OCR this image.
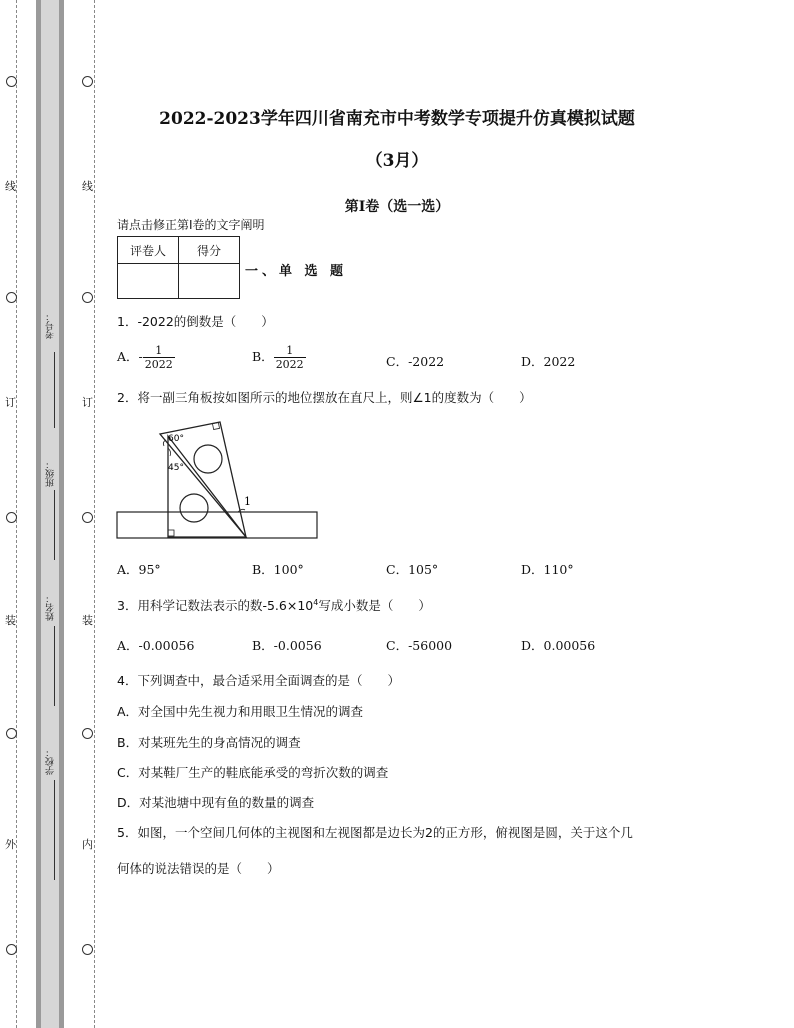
线
订
装
外
线
订
装
内
考号：
班级：
姓名：
学校：
2022-2023学年四川省南充市中考数学专项提升仿真模拟试题
（3月）
第I卷（选一选）
请点击修正第I卷的文字阐明
评卷人	得分

一、单 选 题
1．-2022的倒数是（　　）
A．- $\frac{1}{2022}$	B． $\frac{1}{2022}$	C．-2022	D．2022
2．将一副三角板按如图所示的地位摆放在直尺上，则∠1的度数为（　　）
60°
45°
1
A．95°	B．100°	C．105°	D．110°
3．用科学记数法表示的数$-5.6\times 10^4$写成小数是（　　）
A．-0.00056	B．-0.0056	C．-56000	D．0.00056
4．下列调查中，最合适采用全面调查的是（　　）
A．对全国中先生视力和用眼卫生情况的调查
B．对某班先生的身高情况的调查
C．对某鞋厂生产的鞋底能承受的弯折次数的调查
D．对某池塘中现有鱼的数量的调查
5．如图，一个空间几何体的主视图和左视图都是边长为2的正方形，俯视图是圆，关于这个几
何体的说法错误的是（　　）
